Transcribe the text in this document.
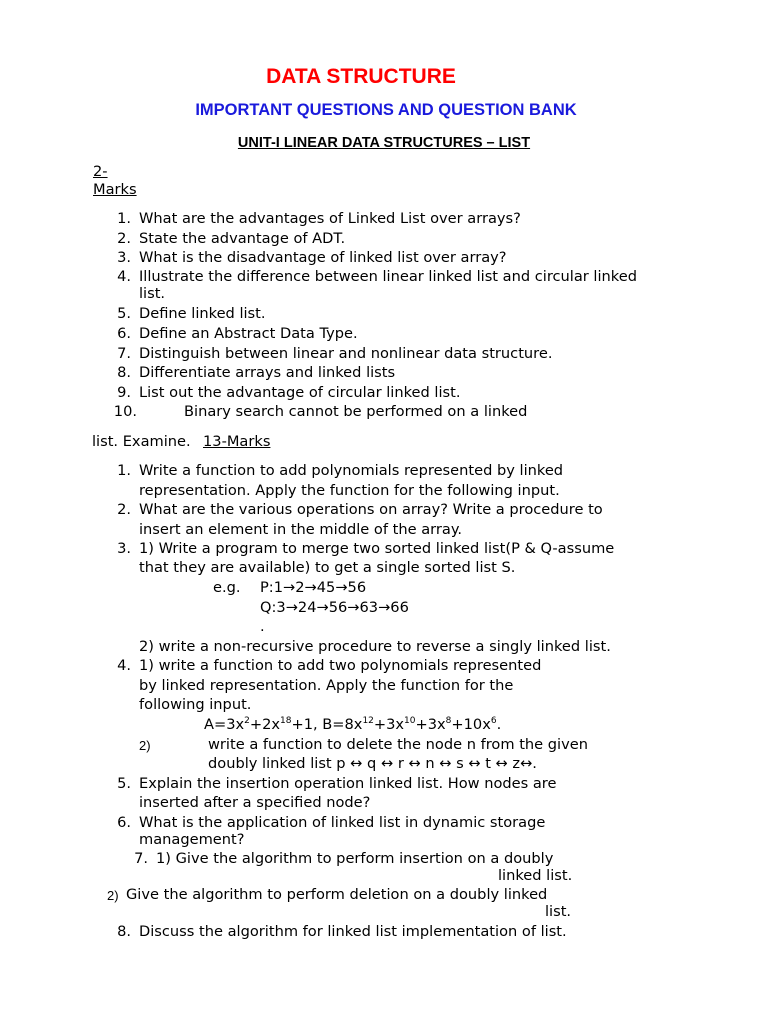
DATA STRUCTURE
IMPORTANT QUESTIONS AND QUESTION BANK
UNIT-I LINEAR DATA STRUCTURES – LIST
2-
Marks
1. What are the advantages of Linked List over arrays?
2. State the advantage of ADT.
3. What is the disadvantage of linked list over array?
4. Illustrate the difference between linear linked list and circular linked
list.
5. Define linked list.
6. Define an Abstract Data Type.
7. Distinguish between linear and nonlinear data structure.
8. Differentiate arrays and linked lists
9. List out the advantage of circular linked list.
10.	Binary search cannot be performed on a linked
list. Examine. 13-Marks
1. Write a function to add polynomials represented by linked
representation. Apply the function for the following input.
2. What are the various operations on array? Write a procedure to
insert an element in the middle of the array.
3. 1) Write a program to merge two sorted linked list(P & Q-assume
that they are available) to get a single sorted list S.
e.g. P:1→2→45→56
Q:3→24→56→63→66
.
2) write a non-recursive procedure to reverse a singly linked list.
4. 1) write a function to add two polynomials represented
by linked representation. Apply the function for the
following input.
$A=3x^2+2x^{18}+1$, $B=8x^{12}+3x^{10}+3x^8+10x^6$.
2)	write a function to delete the node n from the given
doubly linked list p ↔ q ↔ r ↔ n ↔ s ↔ t ↔ z↔.
5. Explain the insertion operation linked list. How nodes are
inserted after a specified node?
6. What is the application of linked list in dynamic storage
management?
7. 1) Give the algorithm to perform insertion on a doubly
linked list.
2) Give the algorithm to perform deletion on a doubly linked
list.
8. Discuss the algorithm for linked list implementation of list.
